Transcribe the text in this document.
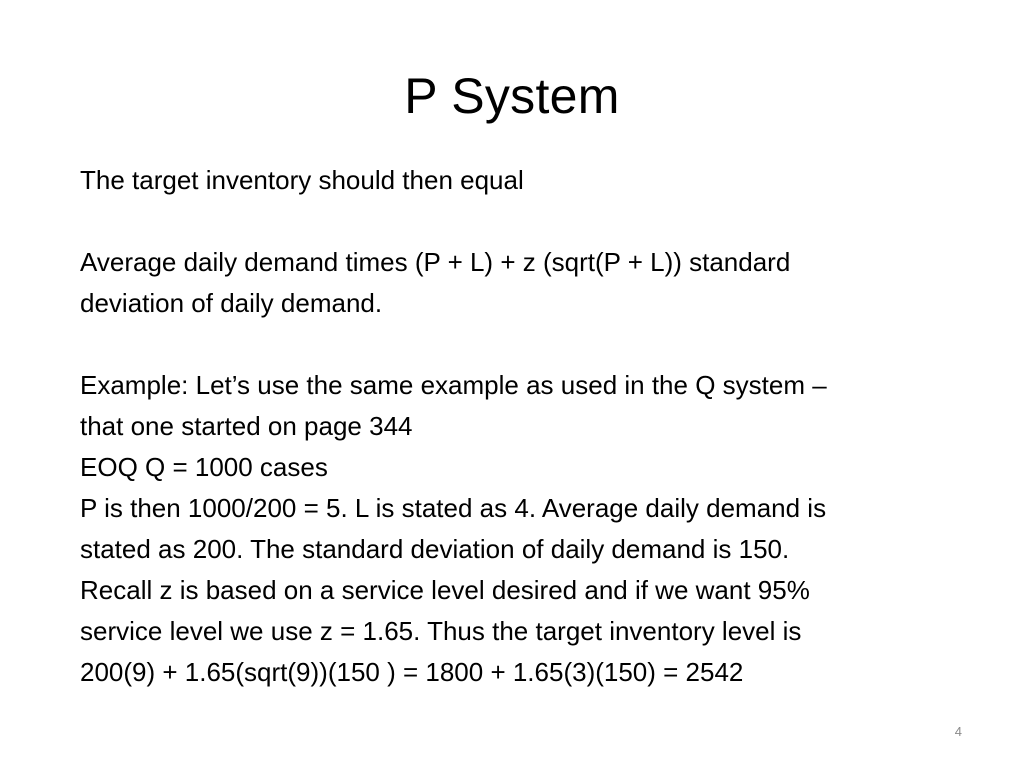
P System
The target inventory should then equal
Average daily demand times (P + L) + z (sqrt(P + L)) standard
deviation of daily demand.
Example: Let’s use the same example as used in the Q system –
that one started on page 344
EOQ Q = 1000 cases
P is then 1000/200 = 5. L is stated as 4. Average daily demand is
stated as 200. The standard deviation of daily demand is 150.
Recall z is based on a service level desired and if we want 95%
service level we use z = 1.65. Thus the target inventory level is
200(9) + 1.65(sqrt(9))(150 ) = 1800 + 1.65(3)(150) = 2542
4
